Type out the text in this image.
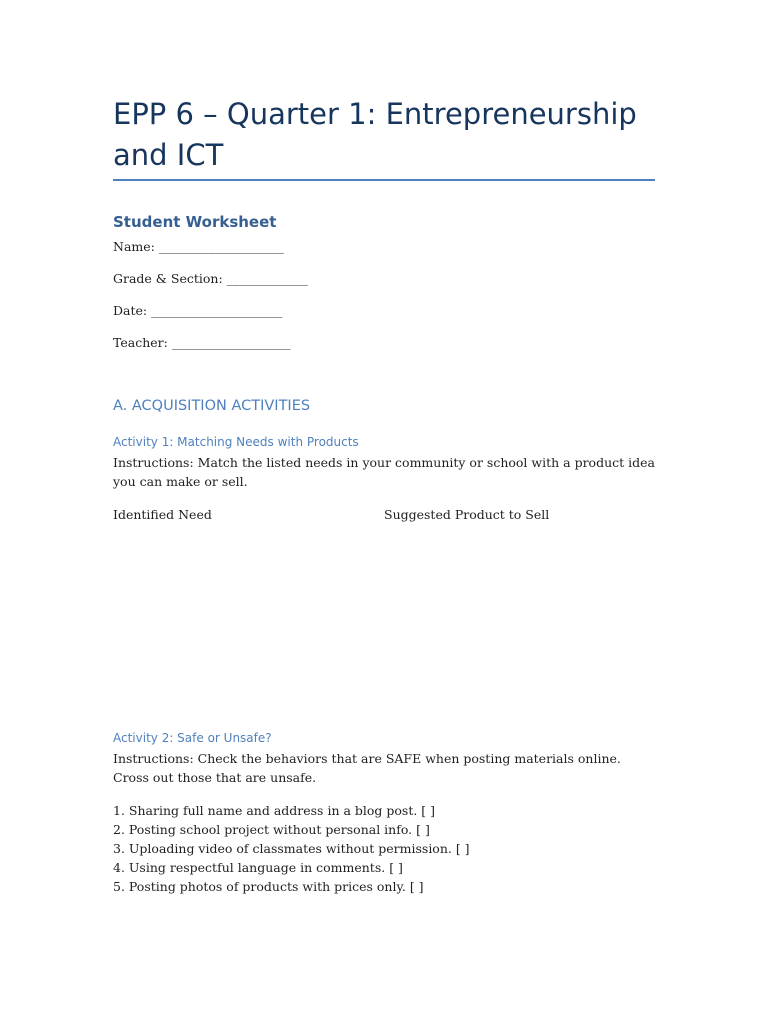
EPP 6 – Quarter 1: Entrepreneurship and ICT
Student Worksheet

Name: ____________________

Grade & Section: _____________

Date: _____________________

Teacher: ___________________

A. ACQUISITION ACTIVITIES
Activity 1: Matching Needs with Products

Instructions: Match the listed needs in your community or school with a product idea you can make or sell.

Identified Need	Suggested Product to Sell

Activity 2: Safe or Unsafe?

Instructions: Check the behaviors that are SAFE when posting materials online. Cross out those that are unsafe.

1. Sharing full name and address in a blog post. [ ]
2. Posting school project without personal info. [ ]
3. Uploading video of classmates without permission. [ ]
4. Using respectful language in comments. [ ]
5. Posting photos of products with prices only. [ ]
